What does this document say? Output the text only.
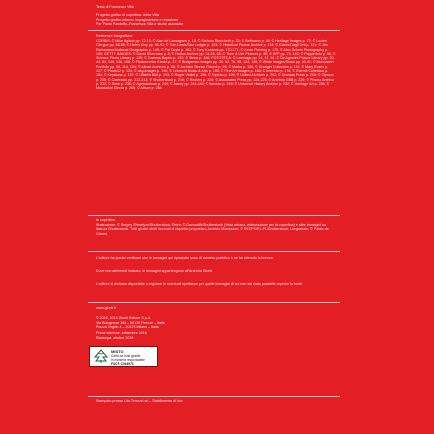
Testo di Francesco Villa
Progetto grafico di copertina: Adria Villa
Progetto grafico interno: impaginazione e redazione
Per Paola Pandolfo–Francesca Villa e studio associato
Referenze fotografiche
CORBIS: © Mike Agliolo pp. 12-13; © Alan de Lassagnes p. 18; © Stefano Bianchetti p. 33; © Bettmann p. 46; © Heritage Images p. 72; © Lucien Clergue pp. 88-89; © Helen Kiny pp. 90-91; © Tom Lewis/Star Ledger p. 103; © Historical Picture Archive p. 118; © Gianni Dagli Orti p. 121; © Jim Richardson/National Geographic p. 140; © Pat Doyle p. 162; © Tony Kurdzuk pp. 170-171; © Kevin Fleming p. 175; © Alan Schein Photography p. 190; GETTY IMAGES: © David Silverman p. 8; © Hulton Archive pp. 24-25, 66; © Time & Life Pictures p. 55; © AFP pp. 79, 143; © Popperfoto p. 96; © Science Photo Library p. 130; © Gamma-Rapho p. 152; © Stone p. 166; FOTOTECA: © Leemage pp. 14, 37, 61; © De Agostini Picture Library pp. 20, 44, 84, 109, 136, 158; © Photoservice Electa p. 27; © Bridgeman Images pp. 30, 52, 76, 98, 124, 149; © White Images/Scala pp. 40-41; © Mondadori Portfolio pp. 58, 114, 184; © Alinari Archives p. 68; © Archivio Storico Ricordi p. 93; © Marka p. 100; © Granger Collection p. 112; © Mary Evans p. 127; © Photo12 p. 134; © akg-images p. 145; © Lebrecht Music & Arts p. 156; © Fine Art Images p. 168; © Interfoto p. 178; © Everett Collection p. 181; © Keystone p. 187; © Ullstein Bild p. 193; © Roger Viollet p. 196; © Topfoto p. 199; © United Archives p. 202; © Granata Press p. 205; © Olycom p. 208; © Contrasto pp. 212-213; © Shutterstock p. 216; © Reuters p. 220; © Associated Press pp. 224-225; © Archivio GBB p. 229; © Prisma Archivo p. 232; © Sime p. 236; © Agefotostock p. 240; © Alamy pp. 244-245; © Iberfoto p. 249; © Universal History Archive p. 252; © Heritage Art p. 256; © Mondadori Electa p. 260; © Album p. 264.
In copertina
Illustrazione: © Sergey Shmelyov/Shutterstock; Retro: © DavoodiA/Shutterstock (Vista urbana, elaborazione per la copertina) e altre immagini su licenza Shutterstock. Tutti gli altri diritti riservati ai rispettivi proprietari; Archivio Mondadori; © REDPIXEL.PL/Shutterstock; Loegraham; © Palais de Glaces.
L'editore ha potuto verificare che le immagini qui riprodotte sono di dominio pubblico o ne ha ottenuto la licenza.
Dove non altrimenti indicato, le immagini appartengono all'Archivio Giunti.
L'editore si dichiara disponibile a regolare le eventuali spettanze per quelle immagini di cui non sia stato possibile reperire la fonte.
www.giunti.it
© 2015, 2018 Giunti Editore S.p.A.
Via Bolognese 165 – 50139 Firenze – Italia
Piazza Virgilio 4 – 20123 Milano – Italia
Prima edizione: settembre 2015
Ristampa: ottobre 2018
MISTO
Carta da fonti gestite
in maniera responsabile
FSC® C016973
Stampato presso Lito Terrazzi srl – Stabilimento di Iolo
